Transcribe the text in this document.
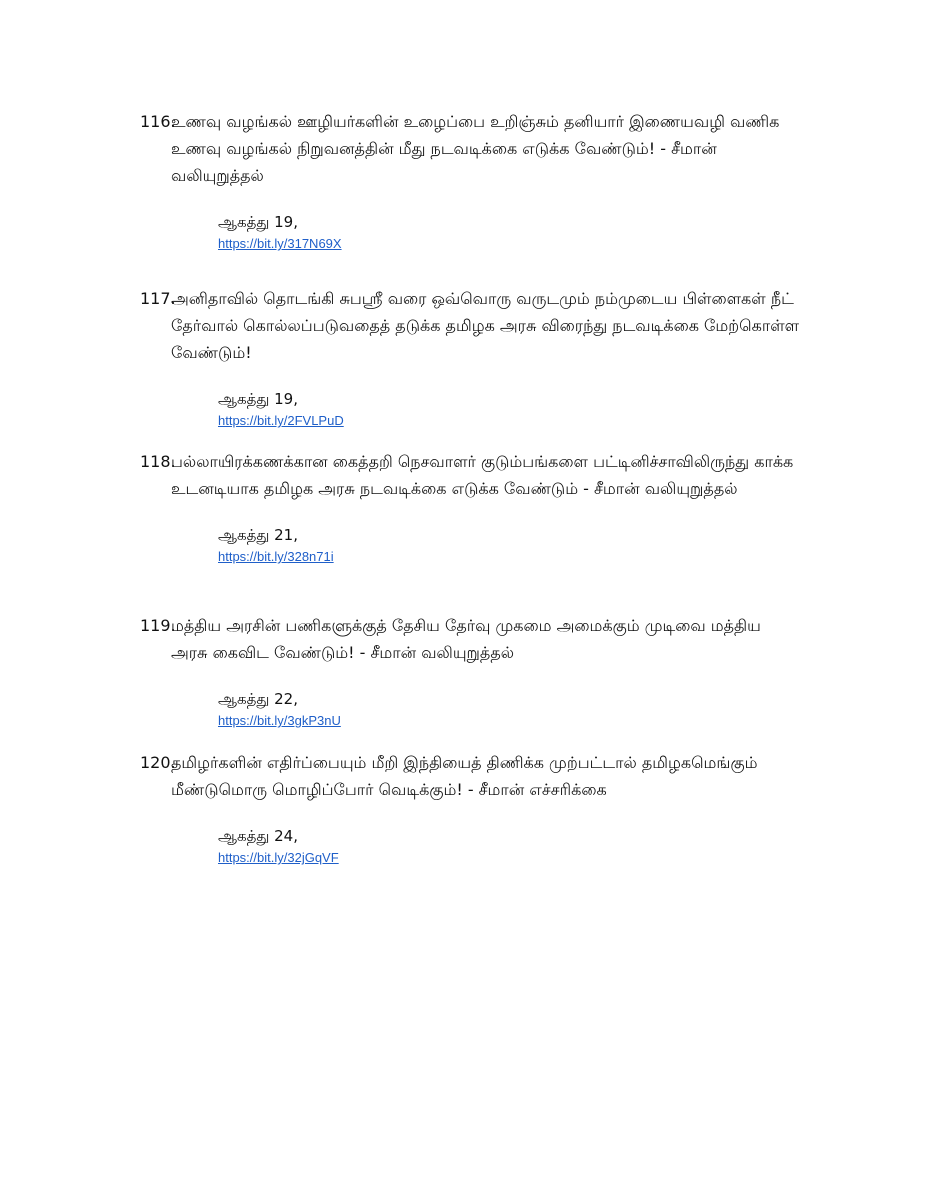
116.

உணவு வழங்கல் ஊழியர்களின் உழைப்பை உறிஞ்சும் தனியார் இணையவழி வணிக உணவு வழங்கல் நிறுவனத்தின் மீது நடவடிக்கை எடுக்க வேண்டும்! - சீமான் வலியுறுத்தல்

ஆகத்து 19,
https://bit.ly/317N69X
117.

அனிதாவில் தொடங்கி சுபஸ்ரீ வரை ஒவ்வொரு வருடமும் நம்முடைய பிள்ளைகள் நீட் தேர்வால் கொல்லப்படுவதைத் தடுக்க தமிழக அரசு விரைந்து நடவடிக்கை மேற்கொள்ள வேண்டும்!

ஆகத்து 19,
https://bit.ly/2FVLPuD
118.

பல்லாயிரக்கணக்கான கைத்தறி நெசவாளர் குடும்பங்களை பட்டினிச்சாவிலிருந்து காக்க உடனடியாக தமிழக அரசு நடவடிக்கை எடுக்க வேண்டும் - சீமான் வலியுறுத்தல்

ஆகத்து 21,
https://bit.ly/328n71i
119.

மத்திய அரசின் பணிகளுக்குத் தேசிய தேர்வு முகமை அமைக்கும் முடிவை மத்திய அரசு கைவிட வேண்டும்! - சீமான் வலியுறுத்தல்

ஆகத்து 22,
https://bit.ly/3gkP3nU
120.

தமிழர்களின் எதிர்ப்பையும் மீறி இந்தியைத் திணிக்க முற்பட்டால் தமிழகமெங்கும் மீண்டுமொரு மொழிப்போர் வெடிக்கும்! - சீமான் எச்சரிக்கை

ஆகத்து 24,
https://bit.ly/32jGqVF
